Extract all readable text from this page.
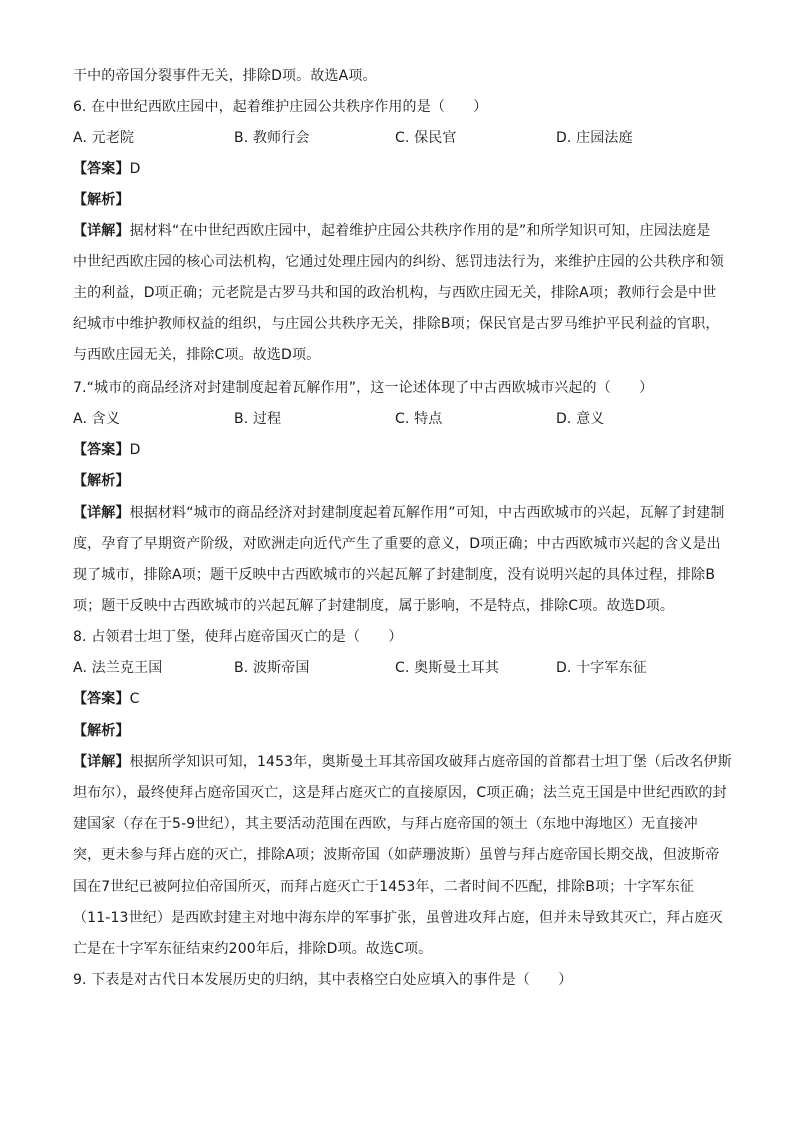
干中的帝国分裂事件无关，排除D项。故选A项。
6. 在中世纪西欧庄园中，起着维护庄园公共秩序作用的是（　　）
A. 元老院	B. 教师行会	C. 保民官	D. 庄园法庭
【答案】D
【解析】
【详解】据材料“在中世纪西欧庄园中，起着维护庄园公共秩序作用的是”和所学知识可知，庄园法庭是
中世纪西欧庄园的核心司法机构，它通过处理庄园内的纠纷、惩罚违法行为，来维护庄园的公共秩序和领
主的利益，D项正确；元老院是古罗马共和国的政治机构，与西欧庄园无关，排除A项；教师行会是中世
纪城市中维护教师权益的组织，与庄园公共秩序无关，排除B项；保民官是古罗马维护平民利益的官职，
与西欧庄园无关，排除C项。故选D项。
7.“城市的商品经济对封建制度起着瓦解作用”，这一论述体现了中古西欧城市兴起的（　　）
A. 含义	B. 过程	C. 特点	D. 意义
【答案】D
【解析】
【详解】根据材料“城市的商品经济对封建制度起着瓦解作用”可知，中古西欧城市的兴起，瓦解了封建制
度，孕育了早期资产阶级，对欧洲走向近代产生了重要的意义，D项正确；中古西欧城市兴起的含义是出
现了城市，排除A项；题干反映中古西欧城市的兴起瓦解了封建制度，没有说明兴起的具体过程，排除B
项；题干反映中古西欧城市的兴起瓦解了封建制度，属于影响，不是特点，排除C项。故选D项。
8. 占领君士坦丁堡，使拜占庭帝国灭亡的是（　　）
A. 法兰克王国	B. 波斯帝国	C. 奥斯曼土耳其	D. 十字军东征
【答案】C
【解析】
【详解】根据所学知识可知，1453年，奥斯曼土耳其帝国攻破拜占庭帝国的首都君士坦丁堡（后改名伊斯
坦布尔），最终使拜占庭帝国灭亡，这是拜占庭灭亡的直接原因，C项正确；法兰克王国是中世纪西欧的封
建国家（存在于5-9世纪），其主要活动范围在西欧，与拜占庭帝国的领土（东地中海地区）无直接冲
突，更未参与拜占庭的灭亡，排除A项；波斯帝国（如萨珊波斯）虽曾与拜占庭帝国长期交战，但波斯帝
国在7世纪已被阿拉伯帝国所灭，而拜占庭灭亡于1453年，二者时间不匹配，排除B项；十字军东征
（11-13世纪）是西欧封建主对地中海东岸的军事扩张，虽曾进攻拜占庭，但并未导致其灭亡，拜占庭灭
亡是在十字军东征结束约200年后，排除D项。故选C项。
9. 下表是对古代日本发展历史的归纳，其中表格空白处应填入的事件是（　　）
